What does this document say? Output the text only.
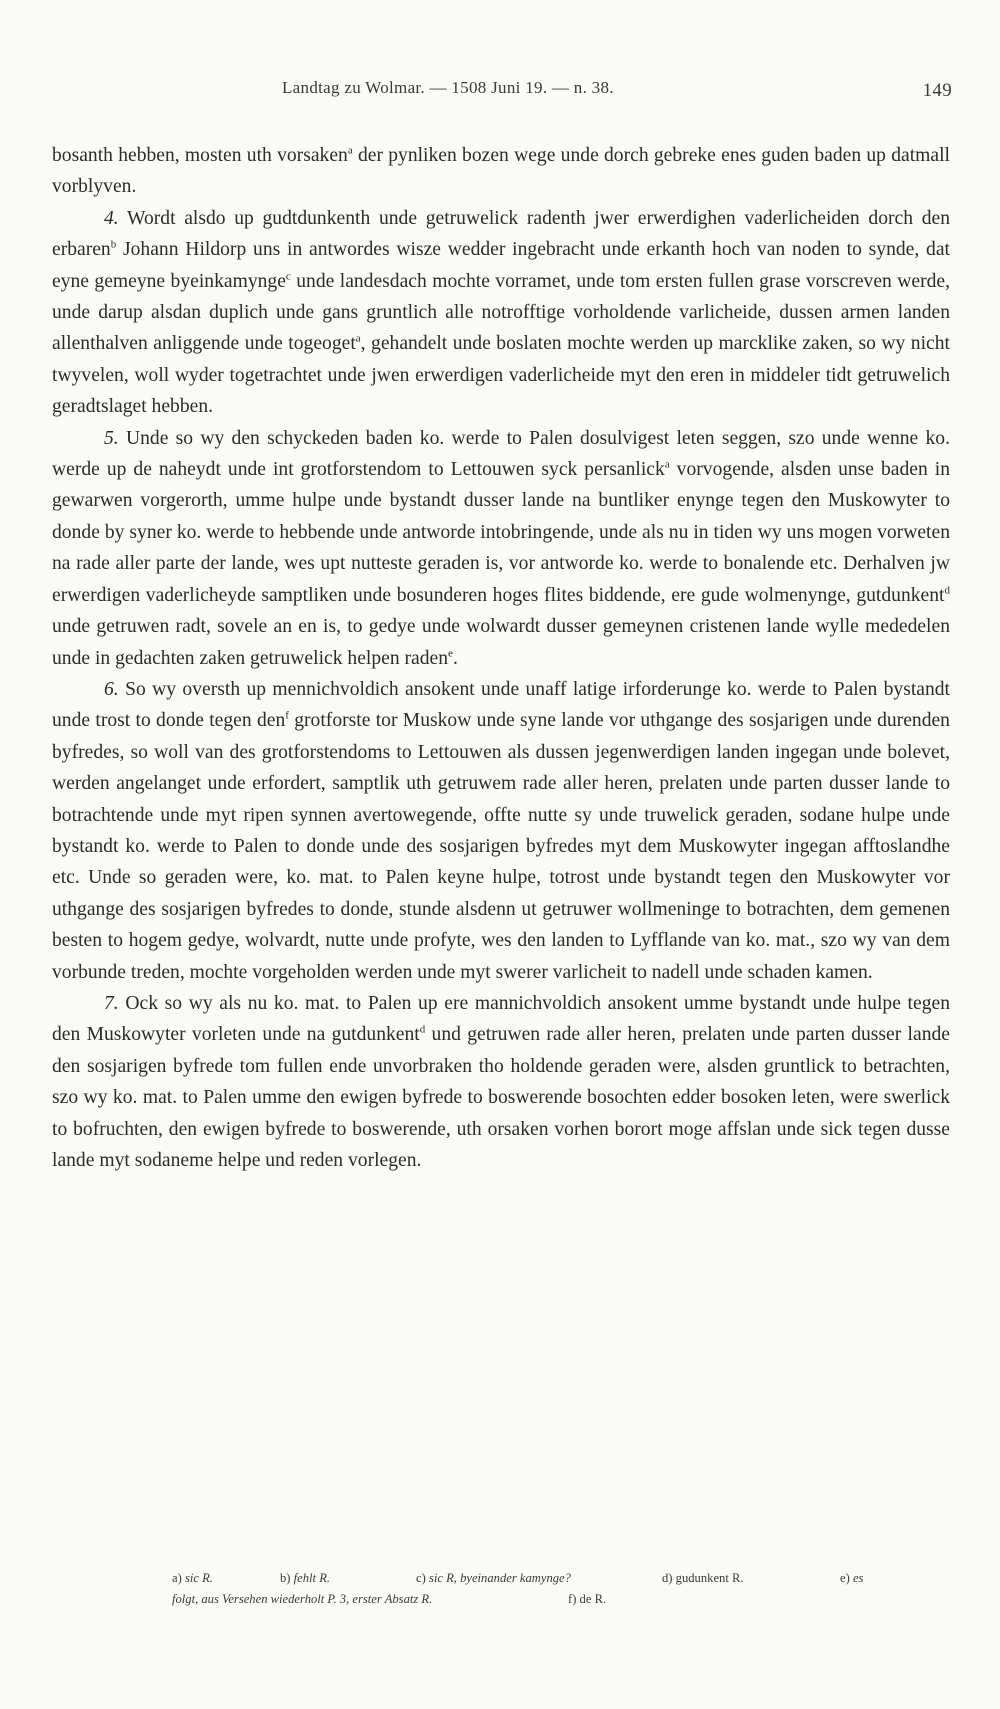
Landtag zu Wolmar. — 1508 Juni 19. — n. 38.	149

bosanth hebben, mosten uth vorsaken$^a$ der pynliken bozen wege unde dorch gebreke enes guden baden up datmall vorblyven.

4. Wordt alsdo up gudtdunkenth unde getruwelick radenth jwer erwerdighen vaderlicheiden dorch den erbaren$^b$ Johann Hildorp uns in antwordes wisze wedder ingebracht unde erkanth hoch van noden to synde, dat eyne gemeyne byeinkamynge$^c$ unde landesdach mochte vorramet, unde tom ersten fullen grase vorscreven werde, unde darup alsdan duplich unde gans gruntlich alle notrofftige vorholdende varlicheide, dussen armen landen allenthalven anliggende unde togeoget$^a$, gehandelt unde boslaten mochte werden up marcklike zaken, so wy nicht twyvelen, woll wyder togetrachtet unde jwen erwerdigen vaderlicheide myt den eren in middeler tidt getruwelich geradtslaget hebben.

5. Unde so wy den schyckeden baden ko. werde to Palen dosulvigest leten seggen, szo unde wenne ko. werde up de naheydt unde int grotforstendom to Lettouwen syck persanlick$^a$ vorvogende, alsden unse baden in gewarwen vorgerorth, umme hulpe unde bystandt dusser lande na buntliker enynge tegen den Muskowyter to donde by syner ko. werde to hebbende unde antworde intobringende, unde als nu in tiden wy uns mogen vorweten na rade aller parte der lande, wes upt nutteste geraden is, vor antworde ko. werde to bonalende etc. Derhalven jw erwerdigen vaderlicheyde samptliken unde bosunderen hoges flites biddende, ere gude wolmenynge, gutdunkent$^d$ unde getruwen radt, sovele an en is, to gedye unde wolwardt dusser gemeynen cristenen lande wylle mededelen unde in gedachten zaken getruwelick helpen raden$^e$.

6. So wy oversth up mennichvoldich ansokent unde unaff latige irforderunge ko. werde to Palen bystandt unde trost to donde tegen den$^f$ grotforste tor Muskow unde syne lande vor uthgange des sosjarigen unde durenden byfredes, so woll van des grotforstendoms to Lettouwen als dussen jegenwerdigen landen ingegan unde bolevet, werden angelanget unde erfordert, samptlik uth getruwem rade aller heren, prelaten unde parten dusser lande to botrachtende unde myt ripen synnen avertowegende, offte nutte sy unde truwelick geraden, sodane hulpe unde bystandt ko. werde to Palen to donde unde des sosjarigen byfredes myt dem Muskowyter ingegan afftoslandhe etc. Unde so geraden were, ko. mat. to Palen keyne hulpe, totrost unde bystandt tegen den Muskowyter vor uthgange des sosjarigen byfredes to donde, stunde alsdenn ut getruwer wollmeninge to botrachten, dem gemenen besten to hogem gedye, wolvardt, nutte unde profyte, wes den landen to Lyfflande van ko. mat., szo wy van dem vorbunde treden, mochte vorgeholden werden unde myt swerer varlicheit to nadell unde schaden kamen.

7. Ock so wy als nu ko. mat. to Palen up ere mannichvoldich ansokent umme bystandt unde hulpe tegen den Muskowyter vorleten unde na gutdunkent$^d$ und getruwen rade aller heren, prelaten unde parten dusser lande den sosjarigen byfrede tom fullen ende unvorbraken tho holdende geraden were, alsden gruntlick to betrachten, szo wy ko. mat. to Palen umme den ewigen byfrede to boswerende bosochten edder bosoken leten, were swerlick to bofruchten, den ewigen byfrede to boswerende, uth orsaken vorhen borort moge affslan unde sick tegen dusse lande myt sodaneme helpe und reden vorlegen.

a) sic R.	b) fehlt R.	c) sic R, byeinander kamynge?	d) gudunkent R.	e) es
folgt, aus Versehen wiederholt P. 3, erster Absatz R.	f) de R.
